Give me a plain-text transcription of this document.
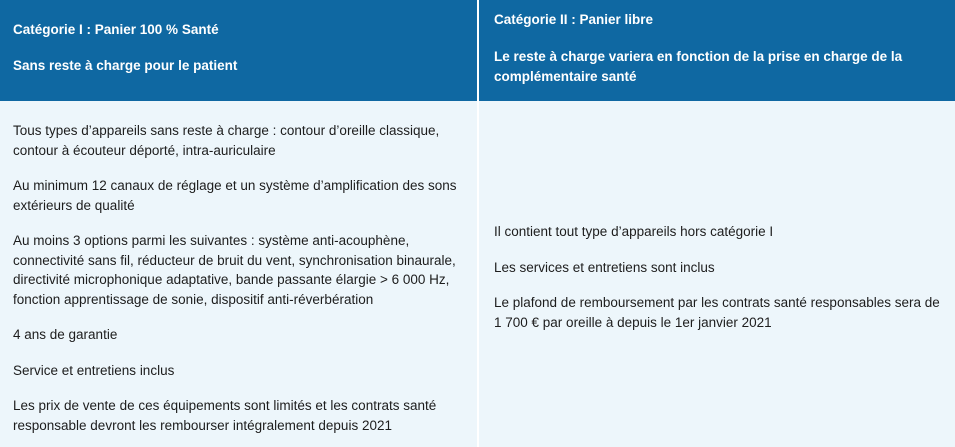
Catégorie I : Panier 100 % Santé

Sans reste à charge pour le patient

Catégorie II : Panier libre

Le reste à charge variera en fonction de la prise en charge de la complémentaire santé

Tous types d’appareils sans reste à charge : contour d’oreille classique, contour à écouteur déporté, intra-auriculaire

Au minimum 12 canaux de réglage et un système d’amplification des sons extérieurs de qualité

Au moins 3 options parmi les suivantes : système anti-acouphène, connectivité sans fil, réducteur de bruit du vent, synchronisation binaurale, directivité microphonique adaptative, bande passante élargie > 6 000 Hz, fonction apprentissage de sonie, dispositif anti-réverbération

4 ans de garantie

Service et entretiens inclus

Les prix de vente de ces équipements sont limités et les contrats santé responsable devront les rembourser intégralement depuis 2021

Il contient tout type d’appareils hors catégorie I

Les services et entretiens sont inclus

Le plafond de remboursement par les contrats santé responsables sera de 1 700 € par oreille à depuis le 1er janvier 2021
